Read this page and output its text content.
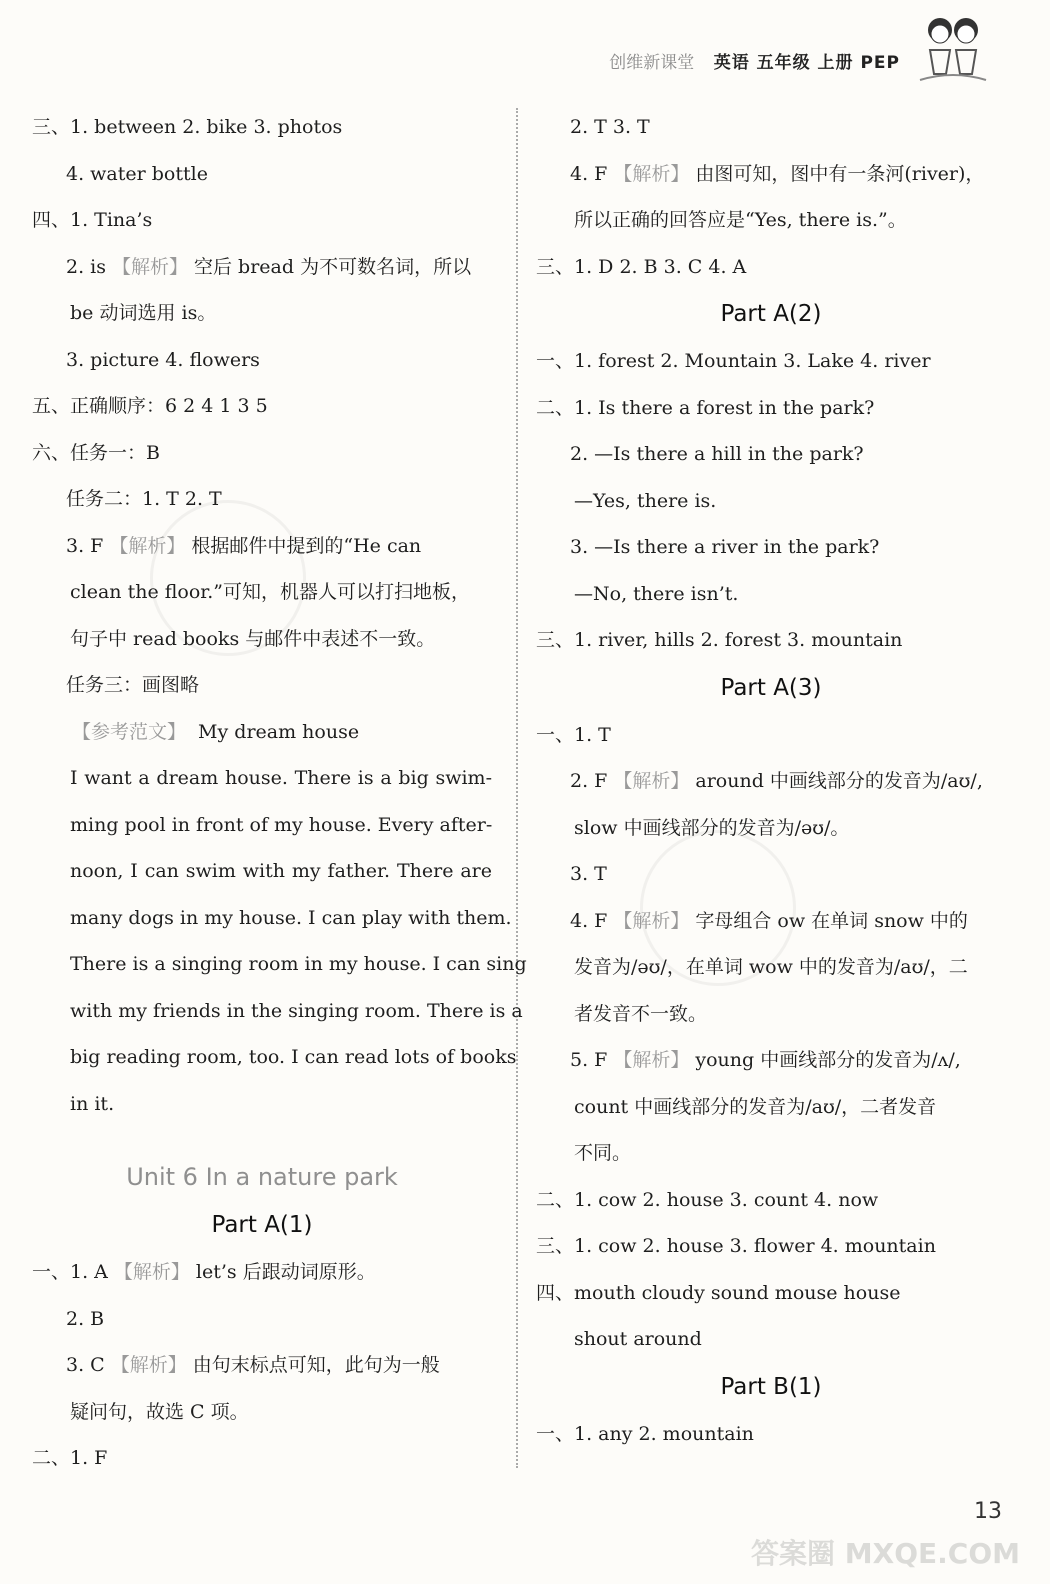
创维新课堂 英语 五年级 上册 PEP
三、1. between 2. bike 3. photos
4. water bottle
四、1. Tina’s
2. is 【解析】 空后 bread 为不可数名词，所以
be 动词选用 is。
3. picture 4. flowers
五、正确顺序：6 2 4 1 3 5
六、任务一：B
任务二：1. T 2. T
3. F 【解析】 根据邮件中提到的“He can
clean the floor.”可知，机器人可以打扫地板，
句子中 read books 与邮件中表述不一致。
任务三：画图略
【参考范文】 My dream house
I want a dream house. There is a big swim-
ming pool in front of my house. Every after-
noon, I can swim with my father. There are
many dogs in my house. I can play with them.
There is a singing room in my house. I can sing
with my friends in the singing room. There is a
big reading room, too. I can read lots of books
in it.
Unit 6 In a nature park
Part A(1)
一、1. A 【解析】 let’s 后跟动词原形。
2. B
3. C 【解析】 由句末标点可知，此句为一般
疑问句，故选 C 项。
二、1. F
2. T 3. T
4. F 【解析】 由图可知，图中有一条河(river)，
所以正确的回答应是“Yes, there is.”。
三、1. D 2. B 3. C 4. A
Part A(2)
一、1. forest 2. Mountain 3. Lake 4. river
二、1. Is there a forest in the park?
2. —Is there a hill in the park?
—Yes, there is.
3. —Is there a river in the park?
—No, there isn’t.
三、1. river, hills 2. forest 3. mountain
Part A(3)
一、1. T
2. F 【解析】 around 中画线部分的发音为/aʊ/,
slow 中画线部分的发音为/əʊ/。
3. T
4. F 【解析】 字母组合 ow 在单词 snow 中的
发音为/əʊ/，在单词 wow 中的发音为/aʊ/，二
者发音不一致。
5. F 【解析】 young 中画线部分的发音为/ʌ/,
count 中画线部分的发音为/aʊ/，二者发音
不同。
二、1. cow 2. house 3. count 4. now
三、1. cow 2. house 3. flower 4. mountain
四、mouth cloudy sound mouse house
shout around
Part B(1)
一、1. any 2. mountain
13
答案圈 MXQE.COM
